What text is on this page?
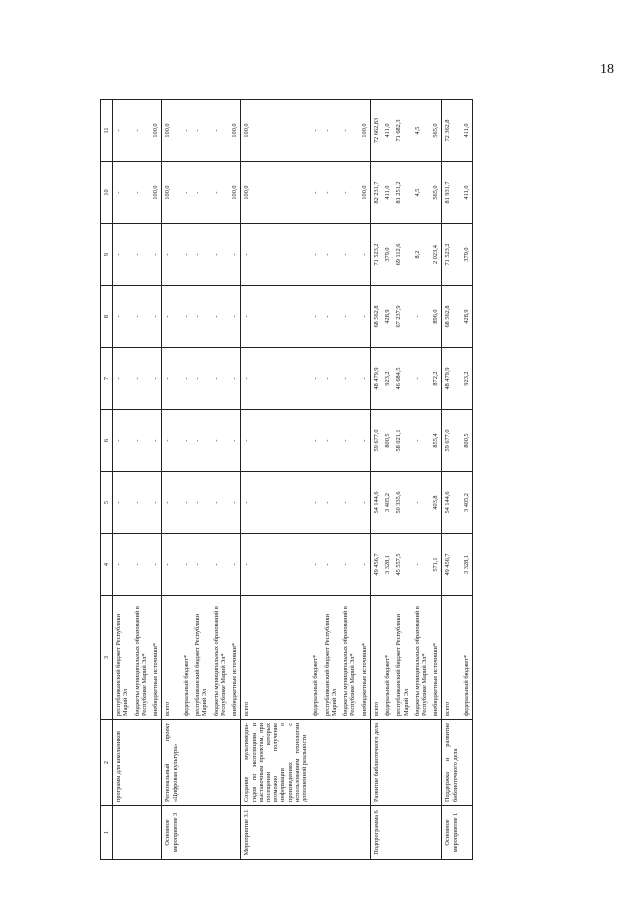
18
1	2	3	4	5	6	7	8	9	10	11
	программ для школьников	республиканский бюджет Республики Марий Эл	-	-	-	-	-	-	-	-
		бюджеты муниципальных образований в Республике Марий Эл*	-	-	-	-	-	-	-	-
		внебюджетные источники*	-	-	-	-	-	-	100,0	100,0
Основное мероприятие 3	Региональный проект «Цифровая культура»	всего	-	-	-	-	-	-	100,0	100,0
		федеральный бюджет*	-	-	-	-	-	-	-	-
		республиканский бюджет Республики Марий Эл	-	-	-	-	-	-	-	-
		бюджеты муниципальных образований в Республике Марий Эл*	-	-	-	-	-	-	-	-
		внебюджетные источники*	-	-	-	-	-	-	100,0	100,0
Мероприятие 3.1	Создание мультимедиа-гидов по экспозициям и выставочным проектам, при посещении которых возможно получение информации о произведениях с использованием технологии дополненной реальности	всего	-	-	-	-	-	-	100,0	100,0
		федеральный бюджет*	-	-	-	-	-	-	-	-
		республиканский бюджет Республики Марий Эл	-	-	-	-	-	-	-	-
		бюджеты муниципальных образований в Республике Марий Эл*	-	-	-	-	-	-	-	-
		внебюджетные источники*	-	-	-	-	-	-	100,0	100,0
Подпрограмма 6	Развитие библиотечного дела	всего	49 456,7	54 144,6	59 677,0	48 479,9	68 562,8	71 523,2	82 231,7	72 662,83
		федеральный бюджет*	3 328,1	3 405,2	800,5	923,2	428,9	379,0	411,0	411,0
		республиканский бюджет Республики Марий Эл	45 557,5	50 335,6	58 021,1	46 684,5	67 237,9	69 112,6	81 251,2	71 682,3
		бюджеты муниципальных образований в Республике Марий Эл*	-	-	-	-	-	8,2	4,5	4,5
		внебюджетные источники*	571,1	403,8	855,4	872,2	896,0	2 023,4	565,0	565,0
Основное мероприятие 1	Поддержка и развитие библиотечного дела	всего	49 456,7	54 144,6	59 677,0	48 479,9	68 562,8	71 523,2	81 931,7	72 362,8
		федеральный бюджет*	3 328,1	3 405,2	800,5	923,2	428,9	379,0	411,0	411,0
